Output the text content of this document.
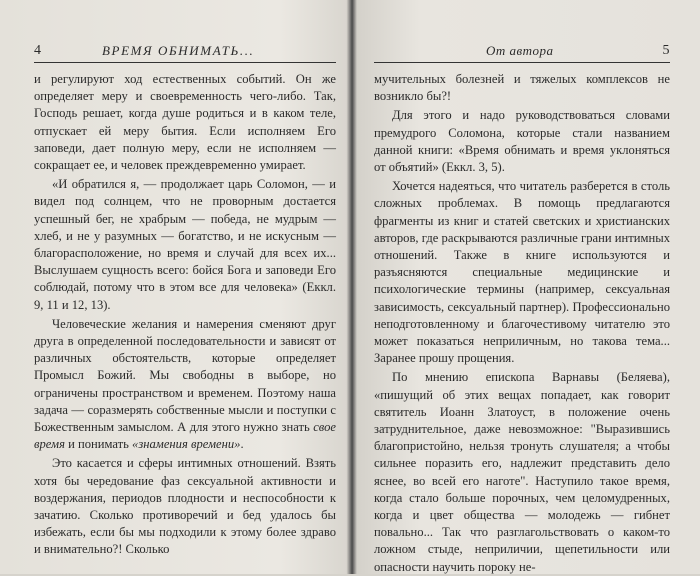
4	ВРЕМЯ ОБНИМАТЬ...

и регулируют ход естественных событий. Он же определяет меру и своевременность чего-либо. Так, Господь решает, когда душе родиться и в каком теле, отпускает ей меру бытия. Если исполняем Его заповеди, дает полную меру, если не исполняем — сокращает ее, и человек преждевременно умирает.

«И обратился я, — продолжает царь Соломон, — и видел под солнцем, что не проворным достается успешный бег, не храбрым — победа, не мудрым — хлеб, и не у разумных — богатство, и не искусным — благорасположение, но время и случай для всех их... Выслушаем сущность всего: бойся Бога и заповеди Его соблюдай, потому что в этом все для человека» (Еккл. 9, 11 и 12, 13).

Человеческие желания и намерения сменяют друг друга в определенной последовательности и зависят от различных обстоятельств, которые определяет Промысл Божий. Мы свободны в выборе, но ограничены пространством и временем. Поэтому наша задача — соразмерять собственные мысли и поступки с Божественным замыслом. А для этого нужно знать свое время и понимать «знамения времени».

Это касается и сферы интимных отношений. Взять хотя бы чередование фаз сексуальной активности и воздержания, периодов плодности и неспособности к зачатию. Сколько противоречий и бед удалось бы избежать, если бы мы подходили к этому более здраво и внимательно?! Сколько

От автора	5

мучительных болезней и тяжелых комплексов не возникло бы?!

Для этого и надо руководствоваться словами премудрого Соломона, которые стали названием данной книги: «Время обнимать и время уклоняться от объятий» (Еккл. 3, 5).

Хочется надеяться, что читатель разберется в столь сложных проблемах. В помощь предлагаются фрагменты из книг и статей светских и христианских авторов, где раскрываются различные грани интимных отношений. Также в книге используются и разъясняются специальные медицинские и психологические термины (например, сексуальная зависимость, сексуальный партнер). Профессионально неподготовленному и благочестивому читателю это может показаться неприличным, но такова тема... Заранее прошу прощения.

По мнению епископа Варнавы (Беляева), «пишущий об этих вещах попадает, как говорит святитель Иоанн Златоуст, в положение очень затруднительное, даже невозможное: "Выразившись благопристойно, нельзя тронуть слушателя; а чтобы сильнее поразить его, надлежит представить дело яснее, во всей его наготе". Наступило такое время, когда стало больше порочных, чем целомудренных, когда и цвет общества — молодежь — гибнет повально... Так что разглагольствовать о каком-то ложном стыде, неприличии, щепетильности или опасности научить пороку не-
